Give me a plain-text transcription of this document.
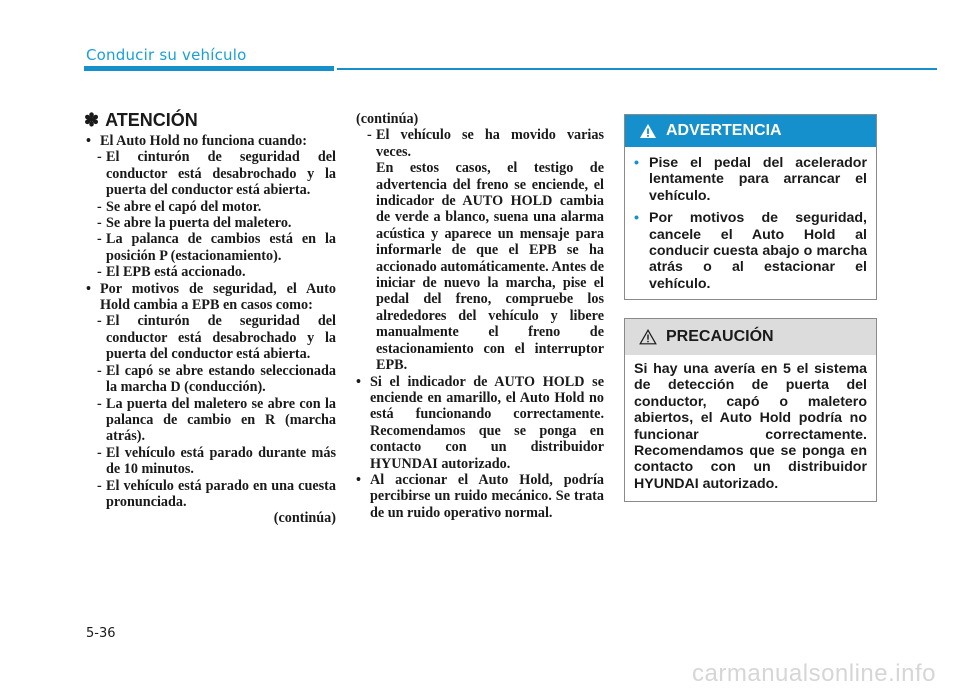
Conducir su vehículo
✽ ATENCIÓN
• El Auto Hold no funciona cuando:
- El cinturón de seguridad del conductor está desabrochado y la puerta del conductor está abierta.
- Se abre el capó del motor.
- Se abre la puerta del maletero.
- La palanca de cambios está en la posición P (estacionamiento).
- El EPB está accionado.
• Por motivos de seguridad, el Auto Hold cambia a EPB en casos como:
- El cinturón de seguridad del conductor está desabrochado y la puerta del conductor está abierta.
- El capó se abre estando seleccionada la marcha D (conducción).
- La puerta del maletero se abre con la palanca de cambio en R (marcha atrás).
- El vehículo está parado durante más de 10 minutos.
- El vehículo está parado en una cuesta pronunciada.
(continúa)
(continúa)
- El vehículo se ha movido varias veces.
En estos casos, el testigo de advertencia del freno se enciende, el indicador de AUTO HOLD cambia de verde a blanco, suena una alarma acústica y aparece un mensaje para informarle de que el EPB se ha accionado automáticamente. Antes de iniciar de nuevo la marcha, pise el pedal del freno, compruebe los alrededores del vehículo y libere manualmente el freno de estacionamiento con el interruptor EPB.
• Si el indicador de AUTO HOLD se enciende en amarillo, el Auto Hold no está funcionando correctamente. Recomendamos que se ponga en contacto con un distribuidor HYUNDAI autorizado.
• Al accionar el Auto Hold, podría percibirse un ruido mecánico. Se trata de un ruido operativo normal.
ADVERTENCIA
• Pise el pedal del acelerador lentamente para arrancar el vehículo.
• Por motivos de seguridad, cancele el Auto Hold al conducir cuesta abajo o marcha atrás o al estacionar el vehículo.
PRECAUCIÓN
Si hay una avería en 5 el sistema de detección de puerta del conductor, capó o maletero abiertos, el Auto Hold podría no funcionar correctamente. Recomendamos que se ponga en contacto con un distribuidor HYUNDAI autorizado.
5-36
carmanualsonline.info
